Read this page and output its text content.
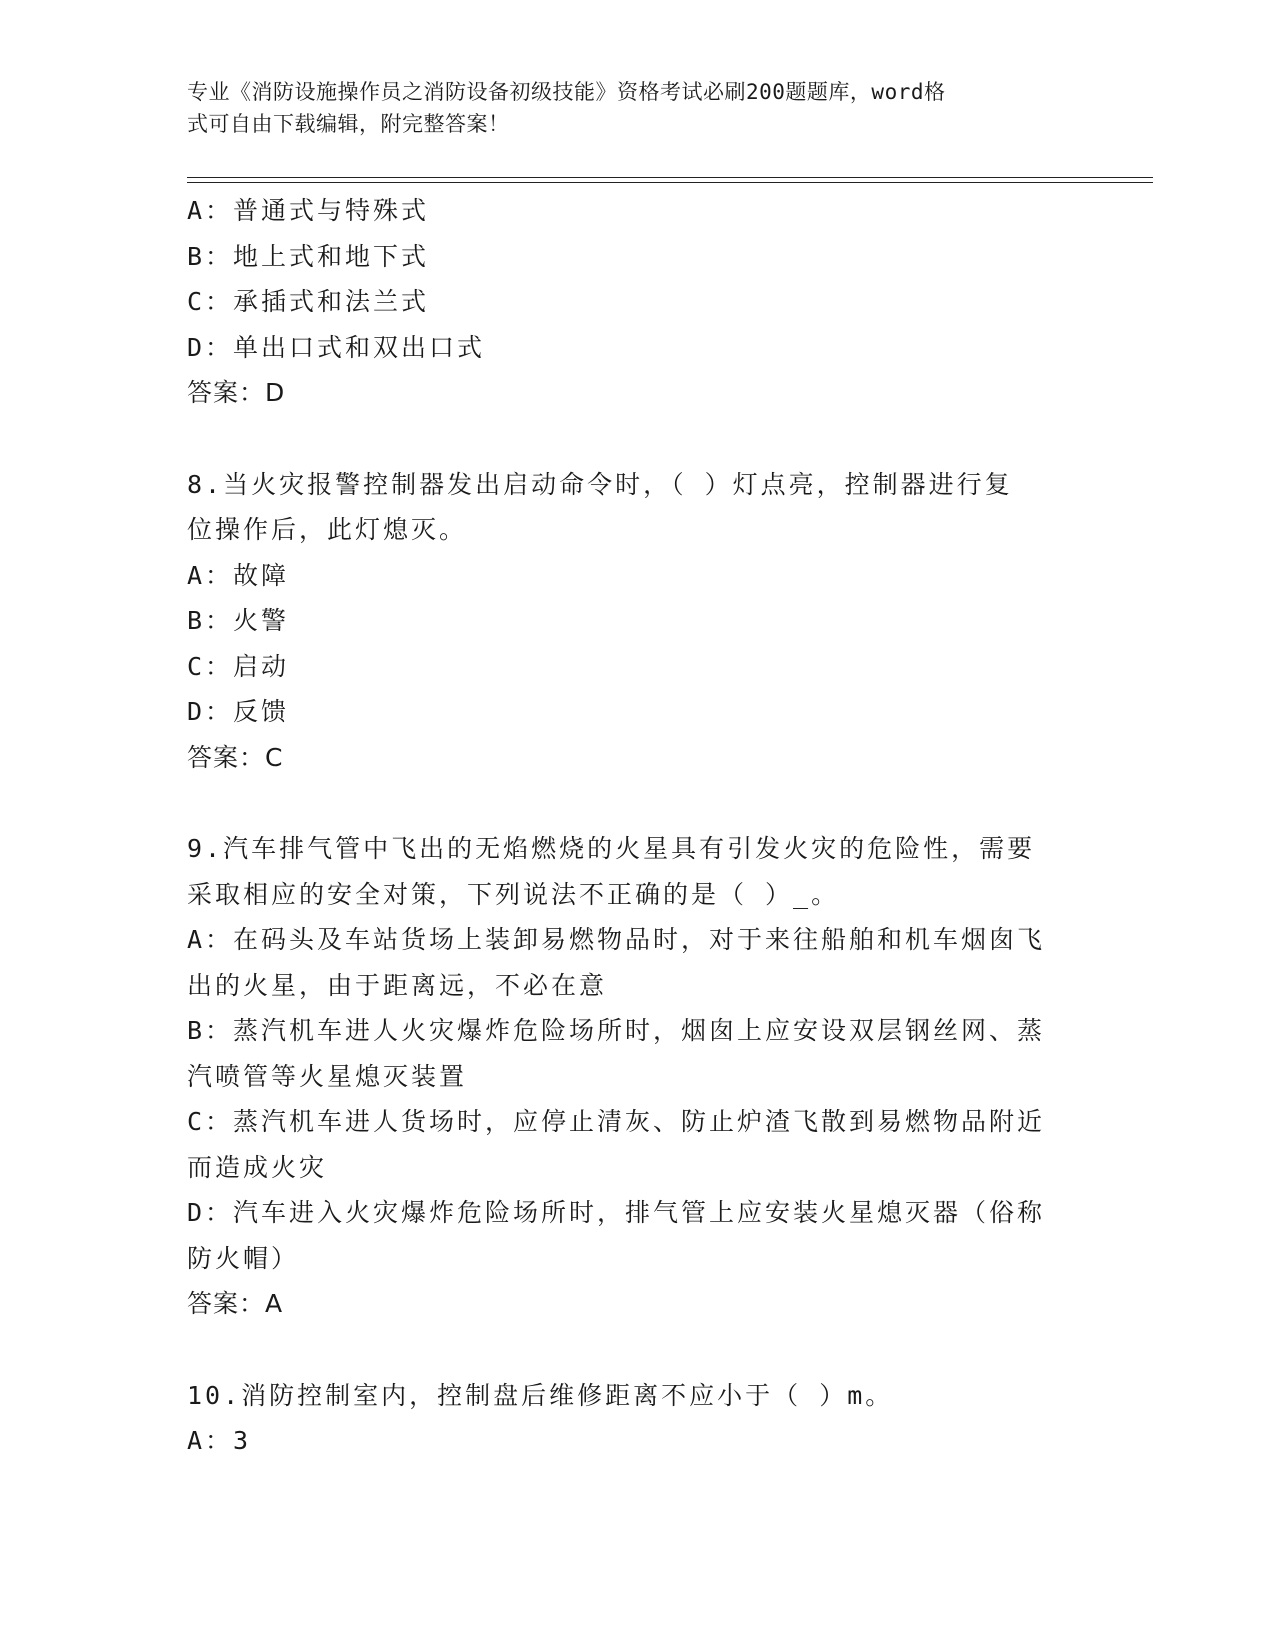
专业《消防设施操作员之消防设备初级技能》资格考试必刷200题题库，word格
式可自由下载编辑，附完整答案！
A：普通式与特殊式
B：地上式和地下式
C：承插式和法兰式
D：单出口式和双出口式
答案：D
8.当火灾报警控制器发出启动命令时，（ ）灯点亮，控制器进行复
位操作后，此灯熄灭。
A：故障
B：火警
C：启动
D：反馈
答案：C
9.汽车排气管中飞出的无焰燃烧的火星具有引发火灾的危险性，需要
采取相应的安全对策，下列说法不正确的是（ ）_。
A：在码头及车站货场上装卸易燃物品时，对于来往船舶和机车烟囱飞
出的火星，由于距离远，不必在意
B：蒸汽机车进人火灾爆炸危险场所时，烟囱上应安设双层钢丝网、蒸
汽喷管等火星熄灭装置
C：蒸汽机车进人货场时，应停止清灰、防止炉渣飞散到易燃物品附近
而造成火灾
D：汽车进入火灾爆炸危险场所时，排气管上应安装火星熄灭器（俗称
防火帽）
答案：A
10.消防控制室内，控制盘后维修距离不应小于（ ）m。
A：3
